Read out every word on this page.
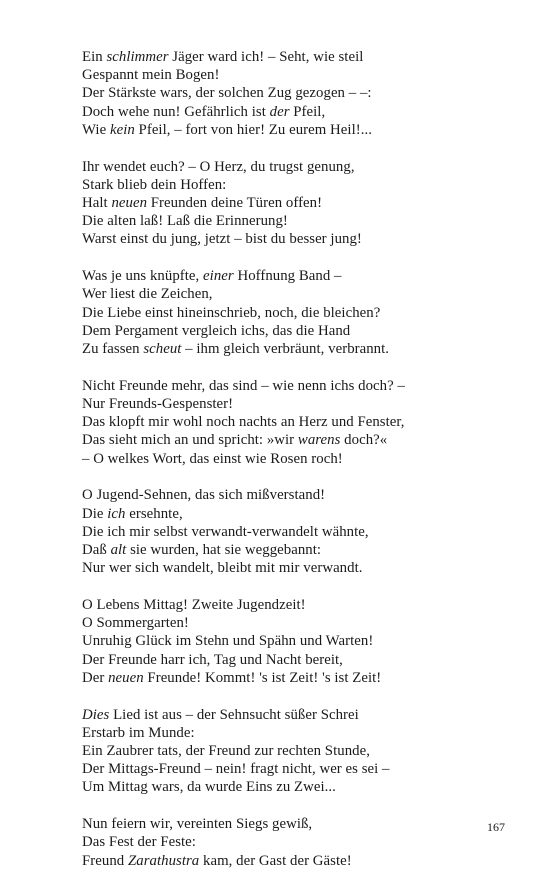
Ein schlimmer Jäger ward ich! – Seht, wie steil
Gespannt mein Bogen!
Der Stärkste wars, der solchen Zug gezogen – –:
Doch wehe nun! Gefährlich ist der Pfeil,
Wie kein Pfeil, – fort von hier! Zu eurem Heil!...
Ihr wendet euch? – O Herz, du trugst genung,
Stark blieb dein Hoffen:
Halt neuen Freunden deine Türen offen!
Die alten laß! Laß die Erinnerung!
Warst einst du jung, jetzt – bist du besser jung!
Was je uns knüpfte, einer Hoffnung Band –
Wer liest die Zeichen,
Die Liebe einst hineinschrieb, noch, die bleichen?
Dem Pergament vergleich ichs, das die Hand
Zu fassen scheut – ihm gleich verbräunt, verbrannt.
Nicht Freunde mehr, das sind – wie nenn ichs doch? –
Nur Freunds-Gespenster!
Das klopft mir wohl noch nachts an Herz und Fenster,
Das sieht mich an und spricht: »wir warens doch?«
– O welkes Wort, das einst wie Rosen roch!
O Jugend-Sehnen, das sich mißverstand!
Die ich ersehnte,
Die ich mir selbst verwandt-verwandelt wähnte,
Daß alt sie wurden, hat sie weggebannt:
Nur wer sich wandelt, bleibt mit mir verwandt.
O Lebens Mittag! Zweite Jugendzeit!
O Sommergarten!
Unruhig Glück im Stehn und Spähn und Warten!
Der Freunde harr ich, Tag und Nacht bereit,
Der neuen Freunde! Kommt! 's ist Zeit! 's ist Zeit!
Dies Lied ist aus – der Sehnsucht süßer Schrei
Erstarb im Munde:
Ein Zaubrer tats, der Freund zur rechten Stunde,
Der Mittags-Freund – nein! fragt nicht, wer es sei –
Um Mittag wars, da wurde Eins zu Zwei...
Nun feiern wir, vereinten Siegs gewiß,
Das Fest der Feste:
Freund Zarathustra kam, der Gast der Gäste!
167
